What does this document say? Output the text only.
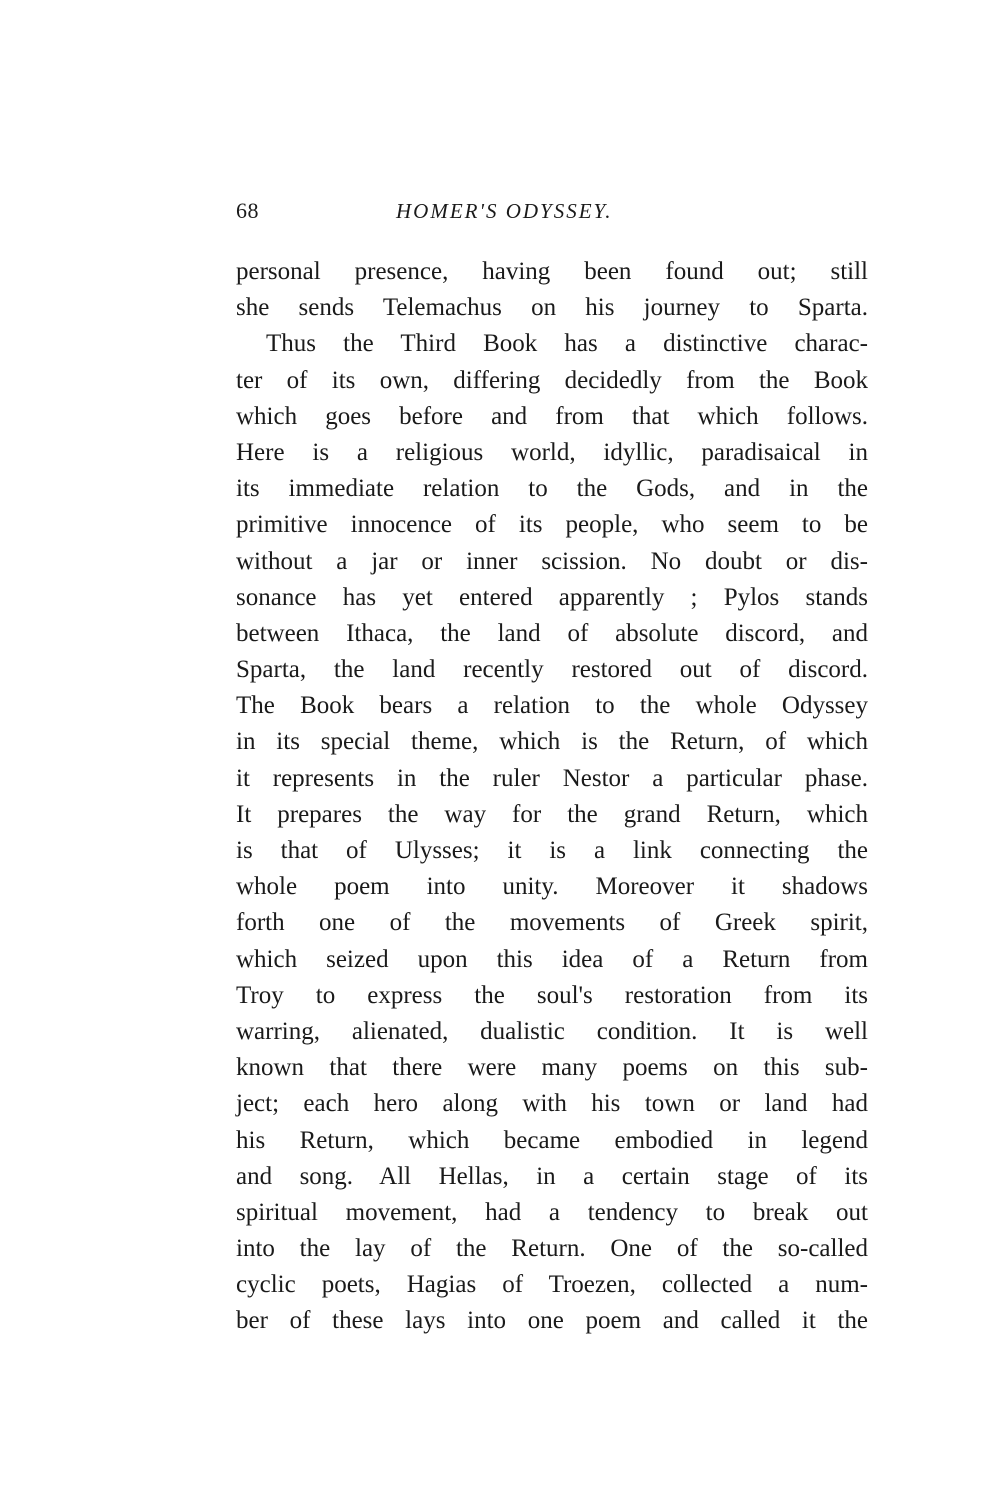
68	HOMER'S ODYSSEY.
personal presence, having been found out; still
she sends Telemachus on his journey to Sparta.
Thus the Third Book has a distinctive charac-
ter of its own, differing decidedly from the Book
which goes before and from that which follows.
Here is a religious world, idyllic, paradisaical in
its immediate relation to the Gods, and in the
primitive innocence of its people, who seem to be
without a jar or inner scission. No doubt or dis-
sonance has yet entered apparently ; Pylos stands
between Ithaca, the land of absolute discord, and
Sparta, the land recently restored out of discord.
The Book bears a relation to the whole Odyssey
in its special theme, which is the Return, of which
it represents in the ruler Nestor a particular phase.
It prepares the way for the grand Return, which
is that of Ulysses; it is a link connecting the
whole poem into unity. Moreover it shadows
forth one of the movements of Greek spirit,
which seized upon this idea of a Return from
Troy to express the soul's restoration from its
warring, alienated, dualistic condition. It is well
known that there were many poems on this sub-
ject; each hero along with his town or land had
his Return, which became embodied in legend
and song. All Hellas, in a certain stage of its
spiritual movement, had a tendency to break out
into the lay of the Return. One of the so-called
cyclic poets, Hagias of Troezen, collected a num-
ber of these lays into one poem and called it the
